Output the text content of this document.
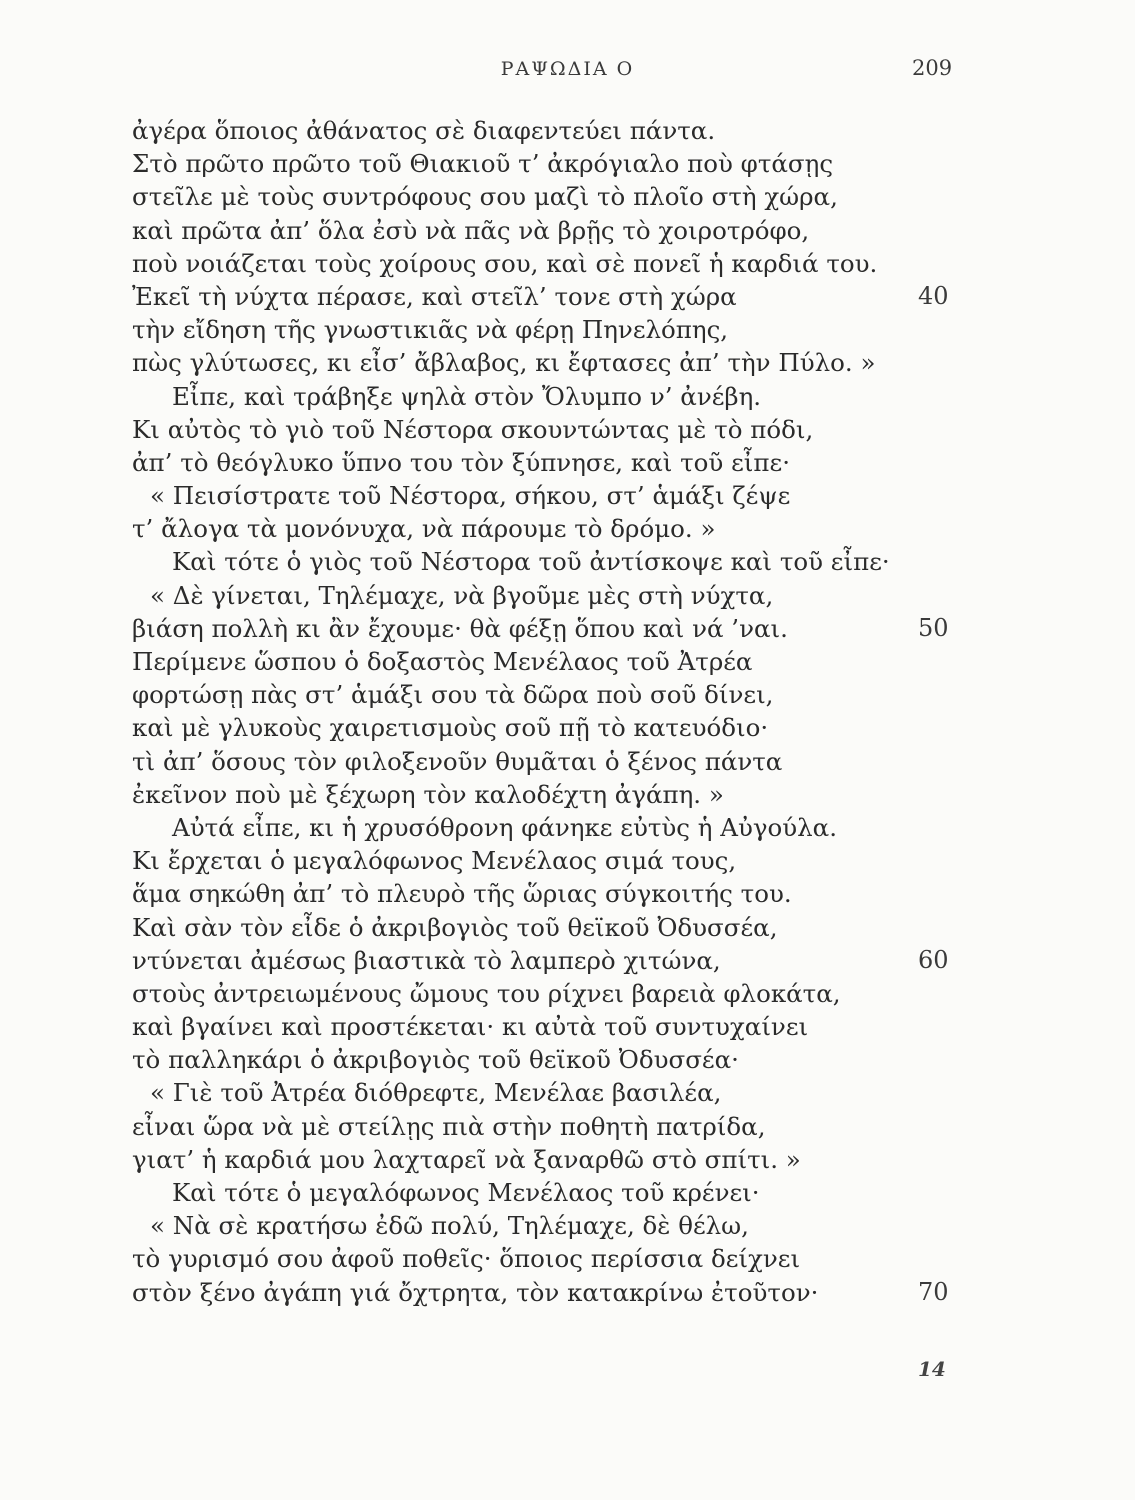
ΡΑΨΩΔΙΑ Ο	209
ἀγέρα ὅποιος ἀθάνατος σὲ διαφεντεύει πάντα.
Στὸ πρῶτο πρῶτο τοῦ Θιακιοῦ τ’ ἀκρόγιαλο ποὺ φτάσῃς
στεῖλε μὲ τοὺς συντρόφους σου μαζὶ τὸ πλοῖο στὴ χώρα,
καὶ πρῶτα ἀπ’ ὅλα ἐσὺ νὰ πᾶς νὰ βρῇς τὸ χοιροτρόφο,
ποὺ νοιάζεται τοὺς χοίρους σου, καὶ σὲ πονεῖ ἡ καρδιά του.
Ἐκεῖ τὴ νύχτα πέρασε, καὶ στεῖλ’ τονε στὴ χώρα	40
τὴν εἴδηση τῆς γνωστικιᾶς νὰ φέρῃ Πηνελόπης,
πὼς γλύτωσες, κι εἶσ’ ἄβλαβος, κι ἔφτασες ἀπ’ τὴν Πύλο. »
Εἶπε, καὶ τράβηξε ψηλὰ στὸν Ὄλυμπο ν’ ἀνέβη.
Κι αὐτὸς τὸ γιὸ τοῦ Νέστορα σκουντώντας μὲ τὸ πόδι,
ἀπ’ τὸ θεόγλυκο ὕπνο του τὸν ξύπνησε, καὶ τοῦ εἶπε·
« Πεισίστρατε τοῦ Νέστορα, σήκου, στ’ ἁμάξι ζέψε
τ’ ἄλογα τὰ μονόνυχα, νὰ πάρουμε τὸ δρόμο. »
Καὶ τότε ὁ γιὸς τοῦ Νέστορα τοῦ ἀντίσκοψε καὶ τοῦ εἶπε·
« Δὲ γίνεται, Τηλέμαχε, νὰ βγοῦμε μὲς στὴ νύχτα,
βιάση πολλὴ κι ἂν ἔχουμε· θὰ φέξῃ ὅπου καὶ νά ’ναι.	50
Περίμενε ὥσπου ὁ δοξαστὸς Μενέλαος τοῦ Ἀτρέα
φορτώσῃ πὰς στ’ ἁμάξι σου τὰ δῶρα ποὺ σοῦ δίνει,
καὶ μὲ γλυκοὺς χαιρετισμοὺς σοῦ πῇ τὸ κατευόδιο·
τὶ ἀπ’ ὅσους τὸν φιλοξενοῦν θυμᾶται ὁ ξένος πάντα
ἐκεῖνον ποὺ μὲ ξέχωρη τὸν καλοδέχτη ἀγάπη. »
Αὐτά εἶπε, κι ἡ χρυσόθρονη φάνηκε εὐτὺς ἡ Αὐγούλα.
Κι ἔρχεται ὁ μεγαλόφωνος Μενέλαος σιμά τους,
ἅμα σηκώθη ἀπ’ τὸ πλευρὸ τῆς ὥριας σύγκοιτής του.
Καὶ σὰν τὸν εἶδε ὁ ἀκριβογιὸς τοῦ θεϊκοῦ Ὀδυσσέα,
ντύνεται ἀμέσως βιαστικὰ τὸ λαμπερὸ χιτώνα,	60
στοὺς ἀντρειωμένους ὤμους του ρίχνει βαρειὰ φλοκάτα,
καὶ βγαίνει καὶ προστέκεται· κι αὐτὰ τοῦ συντυχαίνει
τὸ παλληκάρι ὁ ἀκριβογιὸς τοῦ θεϊκοῦ Ὀδυσσέα·
« Γιὲ τοῦ Ἀτρέα διόθρεφτε, Μενέλαε βασιλέα,
εἶναι ὥρα νὰ μὲ στείλῃς πιὰ στὴν ποθητὴ πατρίδα,
γιατ’ ἡ καρδιά μου λαχταρεῖ νὰ ξαναρθῶ στὸ σπίτι. »
Καὶ τότε ὁ μεγαλόφωνος Μενέλαος τοῦ κρένει·
« Νὰ σὲ κρατήσω ἐδῶ πολύ, Τηλέμαχε, δὲ θέλω,
τὸ γυρισμό σου ἀφοῦ ποθεῖς· ὅποιος περίσσια δείχνει
στὸν ξένο ἀγάπη γιά ὄχτρητα, τὸν κατακρίνω ἐτοῦτον·	70
14
